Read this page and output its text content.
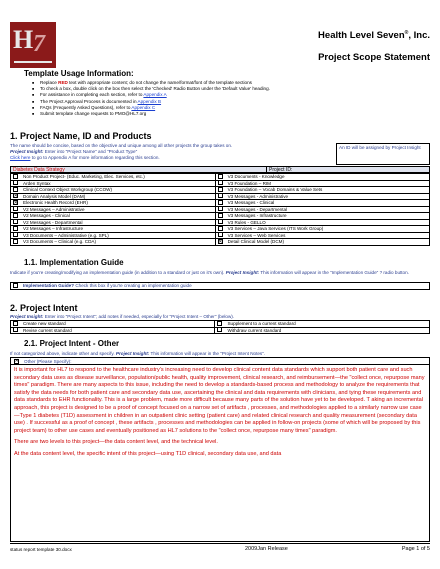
H 7	Health Level Seven®, Inc.
Project Scope Statement
Template Usage Information:
■ Replace RED text with appropriate content; do not change the name/format/font of the template sections
■ To check a box, double click on the box then select the 'Checked' Radio Button under the 'Default Value' heading.
■ For assistance in completing each section, refer to Appendix A
■ The Project Approval Process is documented in Appendix B
■ FAQs (Frequently Asked Questions), refer to Appendix C
■ Submit template change requests to PMO@HL7.org
1. Project Name, ID and Products
The name should be concise, based on the objective and unique among all other projects the group takes on.
Project Insight: Enter into "Project Name" and "Product Type"
Click here to go to Appendix A for more information regarding this section.
An ID will be assigned by Project Insight
Diabetes Data Strategy	Project ID:
Non Product Project- (Educ. Marketing, Elec. Services, etc.)	V3 Documents - Knowledge
Arden Syntax	V3 Foundation – RIM
Clinical Context Object Workgroup (CCOW)	V3 Foundation – Vocab Domains & Value Sets
✕Domain Analysis Model (DAM)	V3 Messages - Administrative
✕Electronic Health Record (EHR)	V3 Messages - Clinical
V2 Messages – Administrative	V3 Messages - Departmental
V2 Messages - Clinical	V3 Messages - Infrastructure
V2 Messages - Departmental	V3 Rules - GELLO
V2 Messages – Infrastructure	V3 Services – Java Services (ITS Work Group)
V3 Documents – Administrative (e.g. SPL)	V3 Services – Web Services
V3 Documents – Clinical (e.g. CDA)	✕Detail Clinical Model (DCM)
1.1. Implementation Guide
Indicate if you're creating/modifying an implementation guide (in addition to a standard or just on it's own). Project Insight: This information will appear in the "Implementation Guide" ? radio button.
Implementation Guide? Check this box if you're creating an implementation guide
2. Project Intent
Project Insight: Enter into "Project Intent"; add notes if needed, especially for "Project Intent – Other" (below).
Create new standard	Supplement to a current standard
Revise current standard	Withdraw current standard
2.1. Project Intent - Other
If not categorized above, indicate other and specify. Project Insight: This information will appear in the "Project Intent Notes".
✕Other (Please Specify):
It is important for HL7 to respond to the healthcare industry's increasing need to develop clinical content data standards which support both patient care and such secondary data uses as disease surveillance, population/public health, quality improvement, clinical research, and reimbursement—the "collect once, repurpose many times" paradigm. There are many aspects to this issue, including the need to develop a standards-based process and methodology to analyze the requirements that satisfy the data needs for both patient care and secondary data use, ascertaining the clinical and data requirements with clinicians, and tying these requirements and data standards to EHR functionality. This is a large problem, made more difficult because many parts of the solution have yet to be developed. T aking an incremental approach, this project is designed to be a proof of concept focused on a narrow set of artifacts , processes, and methodologies applied to a similarly narrow use case—Type 1 diabetes (T1D) assessment in children in an outpatient clinic setting (patient care) and related clinical research and quality measurement (secondary data use) . If successful as a proof of concept , these artifacts , processes and methodologies can be applied in follow-on projects (some of which will be proposed by this project team) to other use cases and eventually positioned as HL7 solutions to the "collect once, repurpose many times" paradigm.
There are two levels to this project—the data content level, and the technical level.
At the data content level, the specific intent of this project—using T1D clinical, secondary data use, and data
status report template 30.docx	2009Jan Release	Page 1 of 5
